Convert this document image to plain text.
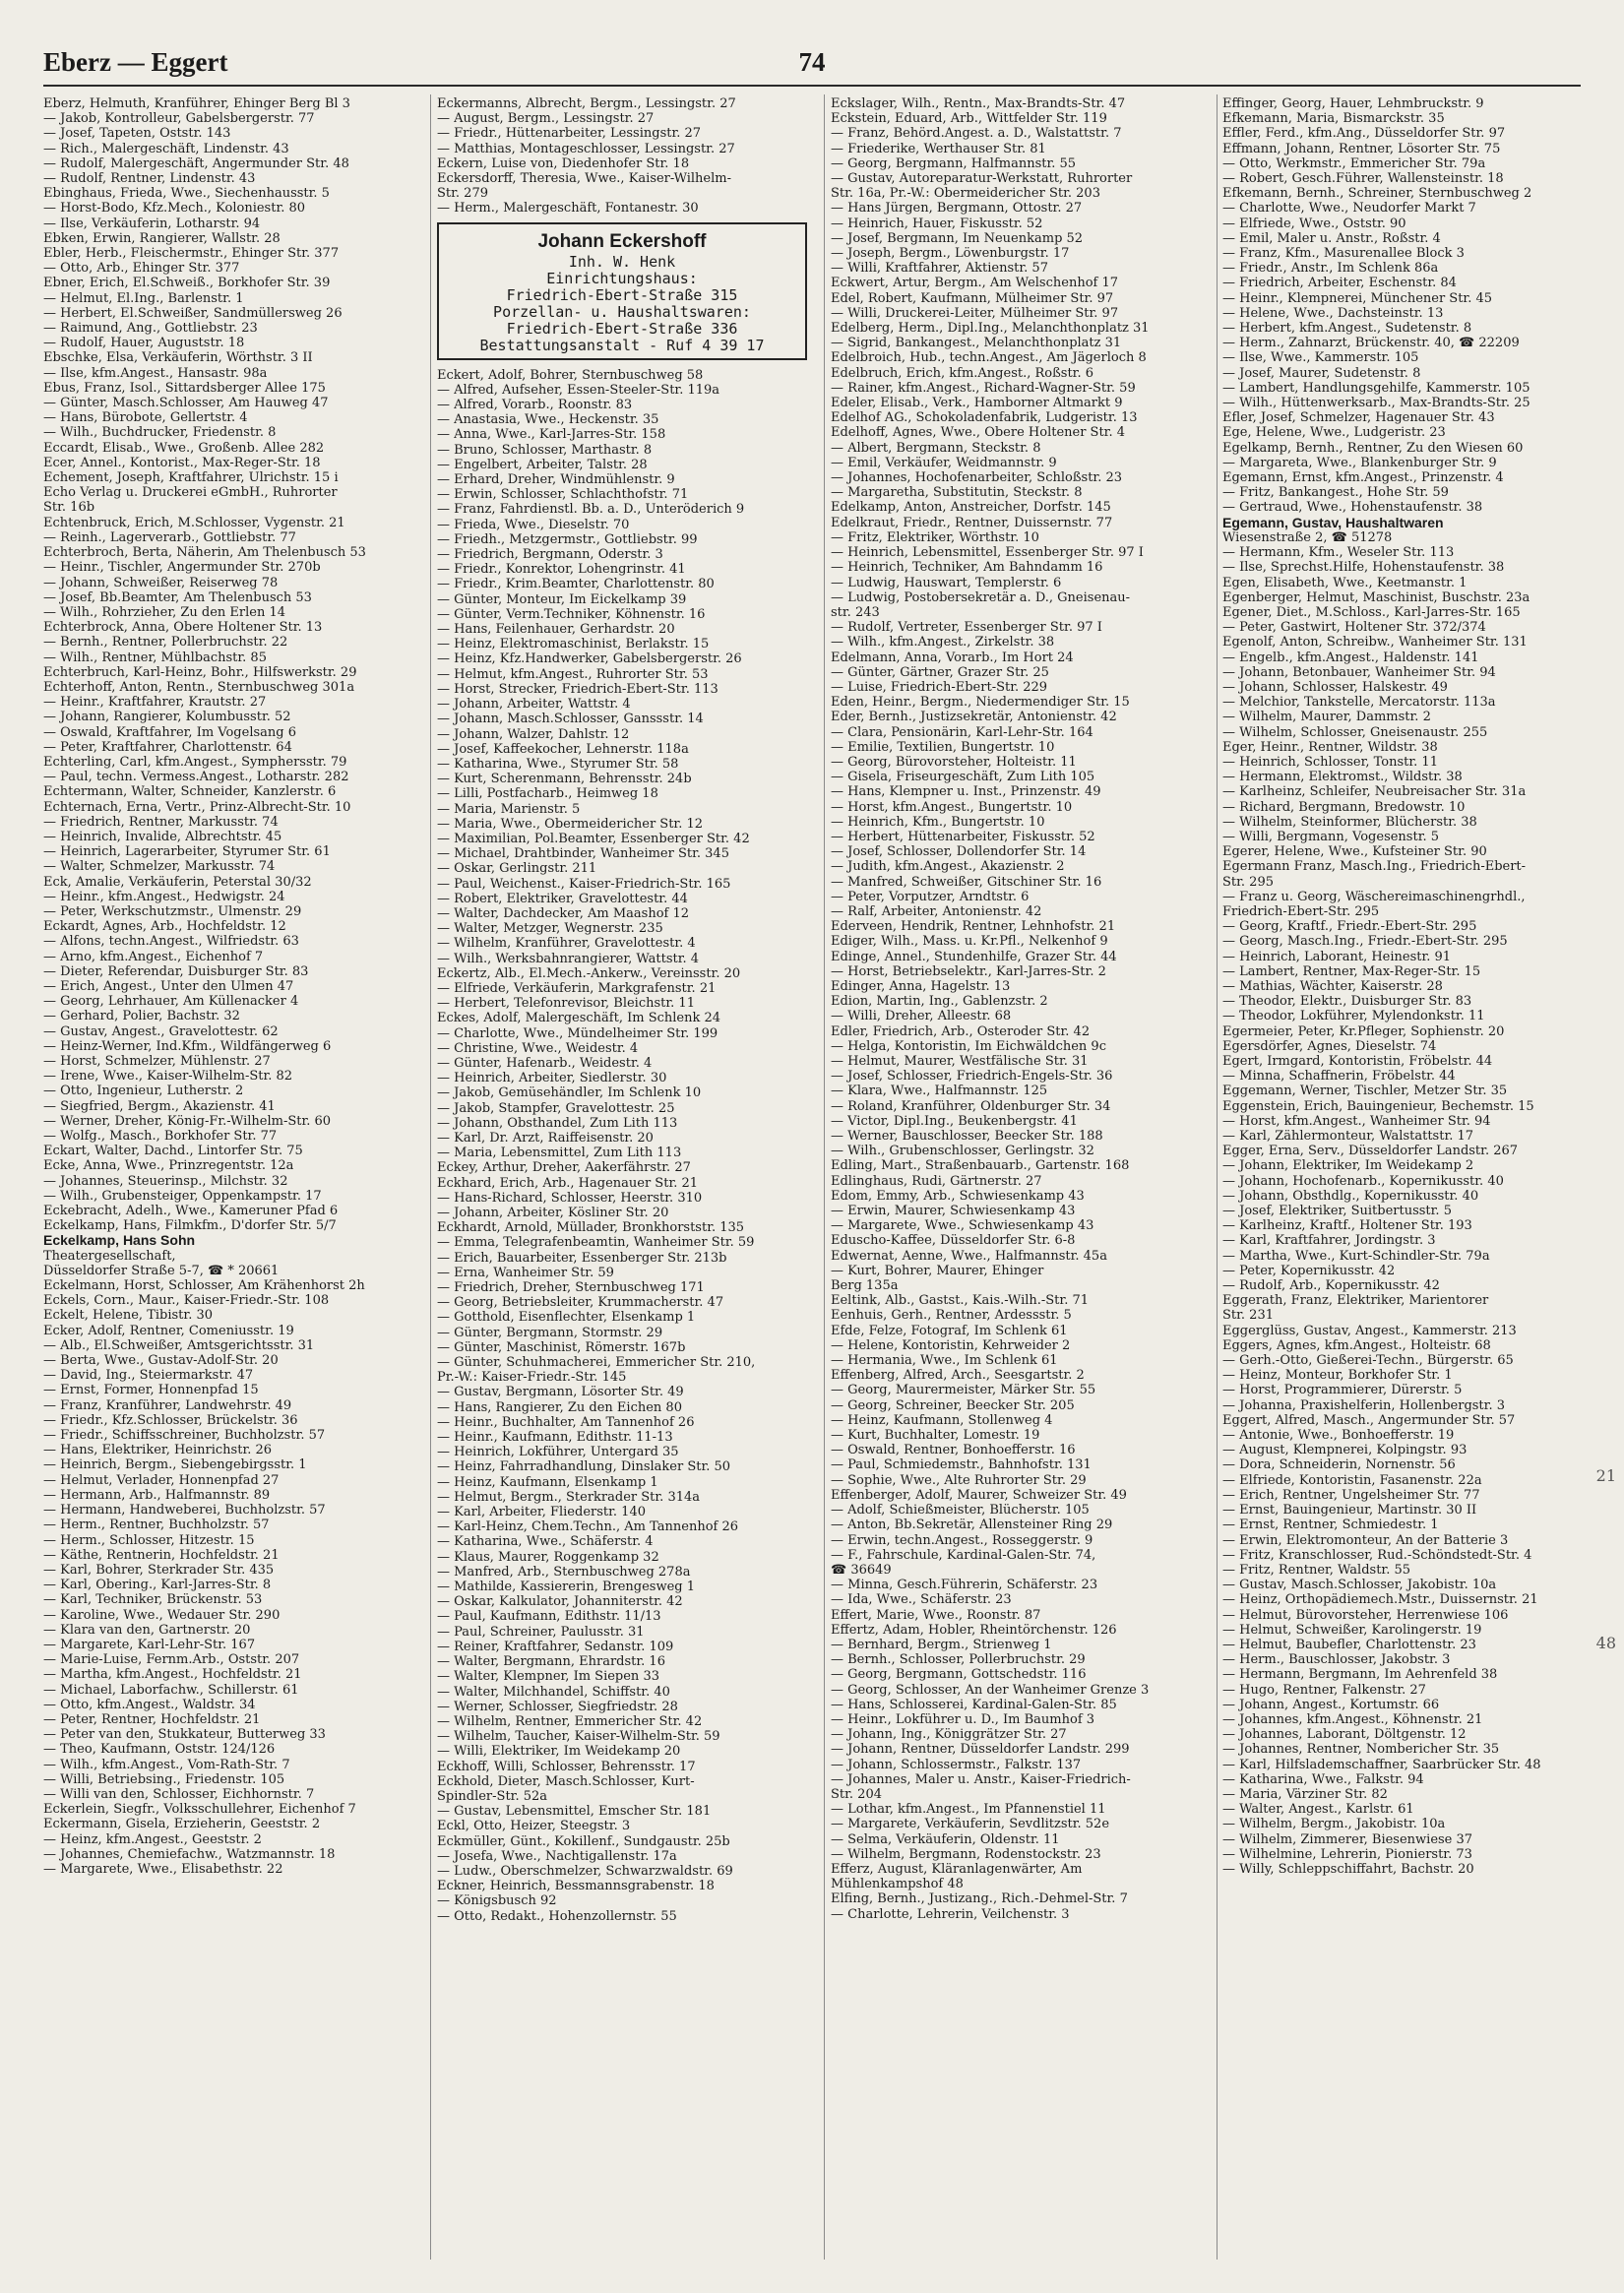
Eberz — Eggert	74
Eberz, Helmuth, Kranführer, Ehinger Berg Bl 3
— Jakob, Kontrolleur, Gabelsbergerstr. 77
— Josef, Tapeten, Oststr. 143
— Rich., Malergeschäft, Lindenstr. 43
— Rudolf, Malergeschäft, Angermunder Str. 48
— Rudolf, Rentner, Lindenstr. 43
Ebinghaus, Frieda, Wwe., Siechenhausstr. 5
— Horst-Bodo, Kfz.Mech., Koloniestr. 80
— Ilse, Verkäuferin, Lotharstr. 94
Ebken, Erwin, Rangierer, Wallstr. 28
Ebler, Herb., Fleischermstr., Ehinger Str. 377
— Otto, Arb., Ehinger Str. 377
Ebner, Erich, El.Schweiß., Borkhofer Str. 39
— Helmut, El.Ing., Barlenstr. 1
— Herbert, El.Schweißer, Sandmüllersweg 26
— Raimund, Ang., Gottliebstr. 23
— Rudolf, Hauer, Auguststr. 18
Ebschke, Elsa, Verkäuferin, Wörthstr. 3 II
— Ilse, kfm.Angest., Hansastr. 98a
Ebus, Franz, Isol., Sittardsberger Allee 175
— Günter, Masch.Schlosser, Am Hauweg 47
— Hans, Bürobote, Gellertstr. 4
— Wilh., Buchdrucker, Friedenstr. 8
Eccardt, Elisab., Wwe., Großenb. Allee 282
Ecer, Annel., Kontorist., Max-Reger-Str. 18
Echement, Joseph, Kraftfahrer, Ulrichstr. 15 i
Echo Verlag u. Druckerei eGmbH., Ruhrorter
Str. 16b
Echtenbruck, Erich, M.Schlosser, Vygenstr. 21
— Reinh., Lagerverarb., Gottliebstr. 77
Echterbroch, Berta, Näherin, Am Thelenbusch 53
— Heinr., Tischler, Angermunder Str. 270b
— Johann, Schweißer, Reiserweg 78
— Josef, Bb.Beamter, Am Thelenbusch 53
— Wilh., Rohrzieher, Zu den Erlen 14
Echterbrock, Anna, Obere Holtener Str. 13
— Bernh., Rentner, Pollerbruchstr. 22
— Wilh., Rentner, Mühlbachstr. 85
Echterbruch, Karl-Heinz, Bohr., Hilfswerkstr. 29
Echterhoff, Anton, Rentn., Sternbuschweg 301a
— Heinr., Kraftfahrer, Krautstr. 27
— Johann, Rangierer, Kolumbusstr. 52
— Oswald, Kraftfahrer, Im Vogelsang 6
— Peter, Kraftfahrer, Charlottenstr. 64
Echterling, Carl, kfm.Angest., Symphersstr. 79
— Paul, techn. Vermess.Angest., Lotharstr. 282
Echtermann, Walter, Schneider, Kanzlerstr. 6
Echternach, Erna, Vertr., Prinz-Albrecht-Str. 10
— Friedrich, Rentner, Markusstr. 74
— Heinrich, Invalide, Albrechtstr. 45
— Heinrich, Lagerarbeiter, Styrumer Str. 61
— Walter, Schmelzer, Markusstr. 74
Eck, Amalie, Verkäuferin, Peterstal 30/32
— Heinr., kfm.Angest., Hedwigstr. 24
— Peter, Werkschutzmstr., Ulmenstr. 29
Eckardt, Agnes, Arb., Hochfeldstr. 12
— Alfons, techn.Angest., Wilfriedstr. 63
— Arno, kfm.Angest., Eichenhof 7
— Dieter, Referendar, Duisburger Str. 83
— Erich, Angest., Unter den Ulmen 47
— Georg, Lehrhauer, Am Küllenacker 4
— Gerhard, Polier, Bachstr. 32
— Gustav, Angest., Gravelottestr. 62
— Heinz-Werner, Ind.Kfm., Wildfängerweg 6
— Horst, Schmelzer, Mühlenstr. 27
— Irene, Wwe., Kaiser-Wilhelm-Str. 82
— Otto, Ingenieur, Lutherstr. 2
— Siegfried, Bergm., Akazienstr. 41
— Werner, Dreher, König-Fr.-Wilhelm-Str. 60
— Wolfg., Masch., Borkhofer Str. 77
Eckart, Walter, Dachd., Lintorfer Str. 75
Ecke, Anna, Wwe., Prinzregentstr. 12a
— Johannes, Steuerinsp., Milchstr. 32
— Wilh., Grubensteiger, Oppenkampstr. 17
Eckebracht, Adelh., Wwe., Kameruner Pfad 6
Eckelkamp, Hans, Filmkfm., D'dorfer Str. 5/7
Eckelkamp, Hans Sohn
Theatergesellschaft,
Düsseldorfer Straße 5-7, ☎ * 20661
Eckelmann, Horst, Schlosser, Am Krähenhorst 2h
Eckels, Corn., Maur., Kaiser-Friedr.-Str. 108
Eckelt, Helene, Tibistr. 30
Ecker, Adolf, Rentner, Comeniusstr. 19
— Alb., El.Schweißer, Amtsgerichtsstr. 31
— Berta, Wwe., Gustav-Adolf-Str. 20
— David, Ing., Steiermarkstr. 47
— Ernst, Former, Honnenpfad 15
— Franz, Kranführer, Landwehrstr. 49
— Friedr., Kfz.Schlosser, Brückelstr. 36
— Friedr., Schiffsschreiner, Buchholzstr. 57
— Hans, Elektriker, Heinrichstr. 26
— Heinrich, Bergm., Siebengebirgsstr. 1
— Helmut, Verlader, Honnenpfad 27
— Hermann, Arb., Halfmannstr. 89
— Hermann, Handweberei, Buchholzstr. 57
— Herm., Rentner, Buchholzstr. 57
— Herm., Schlosser, Hitzestr. 15
— Käthe, Rentnerin, Hochfeldstr. 21
— Karl, Bohrer, Sterkrader Str. 435
— Karl, Obering., Karl-Jarres-Str. 8
— Karl, Techniker, Brückenstr. 53
— Karoline, Wwe., Wedauer Str. 290
— Klara van den, Gartnerstr. 20
— Margarete, Karl-Lehr-Str. 167
— Marie-Luise, Fernm.Arb., Oststr. 207
— Martha, kfm.Angest., Hochfeldstr. 21
— Michael, Laborfachw., Schillerstr. 61
— Otto, kfm.Angest., Waldstr. 34
— Peter, Rentner, Hochfeldstr. 21
— Peter van den, Stukkateur, Butterweg 33
— Theo, Kaufmann, Oststr. 124/126
— Wilh., kfm.Angest., Vom-Rath-Str. 7
— Willi, Betriebsing., Friedenstr. 105
— Willi van den, Schlosser, Eichhornstr. 7
Eckerlein, Siegfr., Volksschullehrer, Eichenhof 7
Eckermann, Gisela, Erzieherin, Geeststr. 2
— Heinz, kfm.Angest., Geeststr. 2
— Johannes, Chemiefachw., Watzmannstr. 18
— Margarete, Wwe., Elisabethstr. 22
Eckermanns, Albrecht, Bergm., Lessingstr. 27
— August, Bergm., Lessingstr. 27
— Friedr., Hüttenarbeiter, Lessingstr. 27
— Matthias, Montageschlosser, Lessingstr. 27
Eckern, Luise von, Diedenhofer Str. 18
Eckersdorff, Theresia, Wwe., Kaiser-Wilhelm-
Str. 279
— Herm., Malergeschäft, Fontanestr. 30
Johann Eckershoff
Inh. W. Henk
Einrichtungshaus:
Friedrich-Ebert-Straße 315
Porzellan- u. Haushaltswaren:
Friedrich-Ebert-Straße 336
Bestattungsanstalt - Ruf 4 39 17
Eckert, Adolf, Bohrer, Sternbuschweg 58
— Alfred, Aufseher, Essen-Steeler-Str. 119a
— Alfred, Vorarb., Roonstr. 83
— Anastasia, Wwe., Heckenstr. 35
— Anna, Wwe., Karl-Jarres-Str. 158
— Bruno, Schlosser, Marthastr. 8
— Engelbert, Arbeiter, Talstr. 28
— Erhard, Dreher, Windmühlenstr. 9
— Erwin, Schlosser, Schlachthofstr. 71
— Franz, Fahrdienstl. Bb. a. D., Unteröderich 9
— Frieda, Wwe., Dieselstr. 70
— Friedh., Metzgermstr., Gottliebstr. 99
— Friedrich, Bergmann, Oderstr. 3
— Friedr., Konrektor, Lohengrinstr. 41
— Friedr., Krim.Beamter, Charlottenstr. 80
— Günter, Monteur, Im Eickelkamp 39
— Günter, Verm.Techniker, Köhnenstr. 16
— Hans, Feilenhauer, Gerhardstr. 20
— Heinz, Elektromaschinist, Berlakstr. 15
— Heinz, Kfz.Handwerker, Gabelsbergerstr. 26
— Helmut, kfm.Angest., Ruhrorter Str. 53
— Horst, Strecker, Friedrich-Ebert-Str. 113
— Johann, Arbeiter, Wattstr. 4
— Johann, Masch.Schlosser, Ganssstr. 14
— Johann, Walzer, Dahlstr. 12
— Josef, Kaffeekocher, Lehnerstr. 118a
— Katharina, Wwe., Styrumer Str. 58
— Kurt, Scherenmann, Behrensstr. 24b
— Lilli, Postfacharb., Heimweg 18
— Maria, Marienstr. 5
— Maria, Wwe., Obermeidericher Str. 12
— Maximilian, Pol.Beamter, Essenberger Str. 42
— Michael, Drahtbinder, Wanheimer Str. 345
— Oskar, Gerlingstr. 211
— Paul, Weichenst., Kaiser-Friedrich-Str. 165
— Robert, Elektriker, Gravelottestr. 44
— Walter, Dachdecker, Am Maashof 12
— Walter, Metzger, Wegnerstr. 235
— Wilhelm, Kranführer, Gravelottestr. 4
— Wilh., Werksbahnrangierer, Wattstr. 4
Eckertz, Alb., El.Mech.-Ankerw., Vereinsstr. 20
— Elfriede, Verkäuferin, Markgrafenstr. 21
— Herbert, Telefonrevisor, Bleichstr. 11
Eckes, Adolf, Malergeschäft, Im Schlenk 24
— Charlotte, Wwe., Mündelheimer Str. 199
— Christine, Wwe., Weidestr. 4
— Günter, Hafenarb., Weidestr. 4
— Heinrich, Arbeiter, Siedlerstr. 30
— Jakob, Gemüsehändler, Im Schlenk 10
— Jakob, Stampfer, Gravelottestr. 25
— Johann, Obsthandel, Zum Lith 113
— Karl, Dr. Arzt, Raiffeisenstr. 20
— Maria, Lebensmittel, Zum Lith 113
Eckey, Arthur, Dreher, Aakerfährstr. 27
Eckhard, Erich, Arb., Hagenauer Str. 21
— Hans-Richard, Schlosser, Heerstr. 310
— Johann, Arbeiter, Kösliner Str. 20
Eckhardt, Arnold, Müllader, Bronkhorststr. 135
— Emma, Telegrafenbeamtin, Wanheimer Str. 59
— Erich, Bauarbeiter, Essenberger Str. 213b
— Erna, Wanheimer Str. 59
— Friedrich, Dreher, Sternbuschweg 171
— Georg, Betriebsleiter, Krummacherstr. 47
— Gotthold, Eisenflechter, Elsenkamp 1
— Günter, Bergmann, Stormstr. 29
— Günter, Maschinist, Römerstr. 167b
— Günter, Schuhmacherei, Emmericher Str. 210,
Pr.-W.: Kaiser-Friedr.-Str. 145
— Gustav, Bergmann, Lösorter Str. 49
— Hans, Rangierer, Zu den Eichen 80
— Heinr., Buchhalter, Am Tannenhof 26
— Heinr., Kaufmann, Edithstr. 11-13
— Heinrich, Lokführer, Untergard 35
— Heinz, Fahrradhandlung, Dinslaker Str. 50
— Heinz, Kaufmann, Elsenkamp 1
— Helmut, Bergm., Sterkrader Str. 314a
— Karl, Arbeiter, Fliederstr. 140
— Karl-Heinz, Chem.Techn., Am Tannenhof 26
— Katharina, Wwe., Schäferstr. 4
— Klaus, Maurer, Roggenkamp 32
— Manfred, Arb., Sternbuschweg 278a
— Mathilde, Kassiererin, Brengesweg 1
— Oskar, Kalkulator, Johanniterstr. 42
— Paul, Kaufmann, Edithstr. 11/13
— Paul, Schreiner, Paulusstr. 31
— Reiner, Kraftfahrer, Sedanstr. 109
— Walter, Bergmann, Ehrardstr. 16
— Walter, Klempner, Im Siepen 33
— Walter, Milchhandel, Schiffstr. 40
— Werner, Schlosser, Siegfriedstr. 28
— Wilhelm, Rentner, Emmericher Str. 42
— Wilhelm, Taucher, Kaiser-Wilhelm-Str. 59
— Willi, Elektriker, Im Weidekamp 20
Eckhoff, Willi, Schlosser, Behrensstr. 17
Eckhold, Dieter, Masch.Schlosser, Kurt-
Spindler-Str. 52a
— Gustav, Lebensmittel, Emscher Str. 181
Eckl, Otto, Heizer, Steegstr. 3
Eckmüller, Günt., Kokillenf., Sundgaustr. 25b
— Josefa, Wwe., Nachtigallenstr. 17a
— Ludw., Oberschmelzer, Schwarzwaldstr. 69
Eckner, Heinrich, Bessmannsgrabenstr. 18
— Königsbusch 92
— Otto, Redakt., Hohenzollernstr. 55
Eckslager, Wilh., Rentn., Max-Brandts-Str. 47
Eckstein, Eduard, Arb., Wittfelder Str. 119
— Franz, Behörd.Angest. a. D., Walstattstr. 7
— Friederike, Werthauser Str. 81
— Georg, Bergmann, Halfmannstr. 55
— Gustav, Autoreparatur-Werkstatt, Ruhrorter
Str. 16a, Pr.-W.: Obermeidericher Str. 203
— Hans Jürgen, Bergmann, Ottostr. 27
— Heinrich, Hauer, Fiskusstr. 52
— Josef, Bergmann, Im Neuenkamp 52
— Joseph, Bergm., Löwenburgstr. 17
— Willi, Kraftfahrer, Aktienstr. 57
Eckwert, Artur, Bergm., Am Welschenhof 17
Edel, Robert, Kaufmann, Mülheimer Str. 97
— Willi, Druckerei-Leiter, Mülheimer Str. 97
Edelberg, Herm., Dipl.Ing., Melanchthonplatz 31
— Sigrid, Bankangest., Melanchthonplatz 31
Edelbroich, Hub., techn.Angest., Am Jägerloch 8
Edelbruch, Erich, kfm.Angest., Roßstr. 6
— Rainer, kfm.Angest., Richard-Wagner-Str. 59
Edeler, Elisab., Verk., Hamborner Altmarkt 9
Edelhof AG., Schokoladenfabrik, Ludgeristr. 13
Edelhoff, Agnes, Wwe., Obere Holtener Str. 4
— Albert, Bergmann, Steckstr. 8
— Emil, Verkäufer, Weidmannstr. 9
— Johannes, Hochofenarbeiter, Schloßstr. 23
— Margaretha, Substitutin, Steckstr. 8
Edelkamp, Anton, Anstreicher, Dorfstr. 145
Edelkraut, Friedr., Rentner, Duissernstr. 77
— Fritz, Elektriker, Wörthstr. 10
— Heinrich, Lebensmittel, Essenberger Str. 97 I
— Heinrich, Techniker, Am Bahndamm 16
— Ludwig, Hauswart, Templerstr. 6
— Ludwig, Postobersekretär a. D., Gneisenau-
str. 243
— Rudolf, Vertreter, Essenberger Str. 97 I
— Wilh., kfm.Angest., Zirkelstr. 38
Edelmann, Anna, Vorarb., Im Hort 24
— Günter, Gärtner, Grazer Str. 25
— Luise, Friedrich-Ebert-Str. 229
Eden, Heinr., Bergm., Niedermendiger Str. 15
Eder, Bernh., Justizsekretär, Antonienstr. 42
— Clara, Pensionärin, Karl-Lehr-Str. 164
— Emilie, Textilien, Bungertstr. 10
— Georg, Bürovorsteher, Holteistr. 11
— Gisela, Friseurgeschäft, Zum Lith 105
— Hans, Klempner u. Inst., Prinzenstr. 49
— Horst, kfm.Angest., Bungertstr. 10
— Heinrich, Kfm., Bungertstr. 10
— Herbert, Hüttenarbeiter, Fiskusstr. 52
— Josef, Schlosser, Dollendorfer Str. 14
— Judith, kfm.Angest., Akazienstr. 2
— Manfred, Schweißer, Gitschiner Str. 16
— Peter, Vorputzer, Arndtstr. 6
— Ralf, Arbeiter, Antonienstr. 42
Ederveen, Hendrik, Rentner, Lehnhofstr. 21
Ediger, Wilh., Mass. u. Kr.Pfl., Nelkenhof 9
Edinge, Annel., Stundenhilfe, Grazer Str. 44
— Horst, Betriebselektr., Karl-Jarres-Str. 2
Edinger, Anna, Hagelstr. 13
Edion, Martin, Ing., Gablenzstr. 2
— Willi, Dreher, Alleestr. 68
Edler, Friedrich, Arb., Osteroder Str. 42
— Helga, Kontoristin, Im Eichwäldchen 9c
— Helmut, Maurer, Westfälische Str. 31
— Josef, Schlosser, Friedrich-Engels-Str. 36
— Klara, Wwe., Halfmannstr. 125
— Roland, Kranführer, Oldenburger Str. 34
— Victor, Dipl.Ing., Beukenbergstr. 41
— Werner, Bauschlosser, Beecker Str. 188
— Wilh., Grubenschlosser, Gerlingstr. 32
Edling, Mart., Straßenbauarb., Gartenstr. 168
Edlinghaus, Rudi, Gärtnerstr. 27
Edom, Emmy, Arb., Schwiesenkamp 43
— Erwin, Maurer, Schwiesenkamp 43
— Margarete, Wwe., Schwiesenkamp 43
Eduscho-Kaffee, Düsseldorfer Str. 6-8
Edwernat, Aenne, Wwe., Halfmannstr. 45a
— Kurt, Bohrer, Maurer, Ehinger
Berg 135a
Eeltink, Alb., Gastst., Kais.-Wilh.-Str. 71
Eenhuis, Gerh., Rentner, Ardessstr. 5
Efde, Felze, Fotograf, Im Schlenk 61
— Helene, Kontoristin, Kehrweider 2
— Hermania, Wwe., Im Schlenk 61
Effenberg, Alfred, Arch., Seesgartstr. 2
— Georg, Maurermeister, Märker Str. 55
— Georg, Schreiner, Beecker Str. 205
— Heinz, Kaufmann, Stollenweg 4
— Kurt, Buchhalter, Lomestr. 19
— Oswald, Rentner, Bonhoefferstr. 16
— Paul, Schmiedemstr., Bahnhofstr. 131
— Sophie, Wwe., Alte Ruhrorter Str. 29
Effenberger, Adolf, Maurer, Schweizer Str. 49
— Adolf, Schießmeister, Blücherstr. 105
— Anton, Bb.Sekretär, Allensteiner Ring 29
— Erwin, techn.Angest., Rosseggerstr. 9
— F., Fahrschule, Kardinal-Galen-Str. 74,
☎ 36649
— Minna, Gesch.Führerin, Schäferstr. 23
— Ida, Wwe., Schäferstr. 23
Effert, Marie, Wwe., Roonstr. 87
Effertz, Adam, Hobler, Rheintörchenstr. 126
— Bernhard, Bergm., Strienweg 1
— Bernh., Schlosser, Pollerbruchstr. 29
— Georg, Bergmann, Gottschedstr. 116
— Georg, Schlosser, An der Wanheimer Grenze 3
— Hans, Schlosserei, Kardinal-Galen-Str. 85
— Heinr., Lokführer u. D., Im Baumhof 3
— Johann, Ing., Königgrätzer Str. 27
— Johann, Rentner, Düsseldorfer Landstr. 299
— Johann, Schlossermstr., Falkstr. 137
— Johannes, Maler u. Anstr., Kaiser-Friedrich-
Str. 204
— Lothar, kfm.Angest., Im Pfannenstiel 11
— Margarete, Verkäuferin, Sevdlitzstr. 52e
— Selma, Verkäuferin, Oldenstr. 11
— Wilhelm, Bergmann, Rodenstockstr. 23
Efferz, August, Kläranlagenwärter, Am
Mühlenkampshof 48
Elfing, Bernh., Justizang., Rich.-Dehmel-Str. 7
— Charlotte, Lehrerin, Veilchenstr. 3
Effinger, Georg, Hauer, Lehmbruckstr. 9
Efkemann, Maria, Bismarckstr. 35
Effler, Ferd., kfm.Ang., Düsseldorfer Str. 97
Effmann, Johann, Rentner, Lösorter Str. 75
— Otto, Werkmstr., Emmericher Str. 79a
— Robert, Gesch.Führer, Wallensteinstr. 18
Efkemann, Bernh., Schreiner, Sternbuschweg 2
— Charlotte, Wwe., Neudorfer Markt 7
— Elfriede, Wwe., Oststr. 90
— Emil, Maler u. Anstr., Roßstr. 4
— Franz, Kfm., Masurenallee Block 3
— Friedr., Anstr., Im Schlenk 86a
— Friedrich, Arbeiter, Eschenstr. 84
— Heinr., Klempnerei, Münchener Str. 45
— Helene, Wwe., Dachsteinstr. 13
— Herbert, kfm.Angest., Sudetenstr. 8
— Herm., Zahnarzt, Brückenstr. 40, ☎ 22209
— Ilse, Wwe., Kammerstr. 105
— Josef, Maurer, Sudetenstr. 8
— Lambert, Handlungsgehilfe, Kammerstr. 105
— Wilh., Hüttenwerksarb., Max-Brandts-Str. 25
Efler, Josef, Schmelzer, Hagenauer Str. 43
Ege, Helene, Wwe., Ludgeristr. 23
Egelkamp, Bernh., Rentner, Zu den Wiesen 60
— Margareta, Wwe., Blankenburger Str. 9
Egemann, Ernst, kfm.Angest., Prinzenstr. 4
— Fritz, Bankangest., Hohe Str. 59
— Gertraud, Wwe., Hohenstaufenstr. 38
Egemann, Gustav, Haushaltwaren
Wiesenstraße 2, ☎ 51278
— Hermann, Kfm., Weseler Str. 113
— Ilse, Sprechst.Hilfe, Hohenstaufenstr. 38
Egen, Elisabeth, Wwe., Keetmanstr. 1
Egenberger, Helmut, Maschinist, Buschstr. 23a
Egener, Diet., M.Schloss., Karl-Jarres-Str. 165
— Peter, Gastwirt, Holtener Str. 372/374
Egenolf, Anton, Schreibw., Wanheimer Str. 131
— Engelb., kfm.Angest., Haldenstr. 141
— Johann, Betonbauer, Wanheimer Str. 94
— Johann, Schlosser, Halskestr. 49
— Melchior, Tankstelle, Mercatorstr. 113a
— Wilhelm, Maurer, Dammstr. 2
— Wilhelm, Schlosser, Gneisenaustr. 255
Eger, Heinr., Rentner, Wildstr. 38
— Heinrich, Schlosser, Tonstr. 11
— Hermann, Elektromst., Wildstr. 38
— Karlheinz, Schleifer, Neubreisacher Str. 31a
— Richard, Bergmann, Bredowstr. 10
— Wilhelm, Steinformer, Blücherstr. 38
— Willi, Bergmann, Vogesenstr. 5
Egerer, Helene, Wwe., Kufsteiner Str. 90
Egermann Franz, Masch.Ing., Friedrich-Ebert-
Str. 295
— Franz u. Georg, Wäschereimaschinengrhdl.,
Friedrich-Ebert-Str. 295
— Georg, Kraftf., Friedr.-Ebert-Str. 295
— Georg, Masch.Ing., Friedr.-Ebert-Str. 295
— Heinrich, Laborant, Heinestr. 91
— Lambert, Rentner, Max-Reger-Str. 15
— Mathias, Wächter, Kaiserstr. 28
— Theodor, Elektr., Duisburger Str. 83
— Theodor, Lokführer, Mylendonkstr. 11
Egermeier, Peter, Kr.Pfleger, Sophienstr. 20
Egersdörfer, Agnes, Dieselstr. 74
Egert, Irmgard, Kontoristin, Fröbelstr. 44
— Minna, Schaffnerin, Fröbelstr. 44
Eggemann, Werner, Tischler, Metzer Str. 35
Eggenstein, Erich, Bauingenieur, Bechemstr. 15
— Horst, kfm.Angest., Wanheimer Str. 94
— Karl, Zählermonteur, Walstattstr. 17
Egger, Erna, Serv., Düsseldorfer Landstr. 267
— Johann, Elektriker, Im Weidekamp 2
— Johann, Hochofenarb., Kopernikusstr. 40
— Johann, Obsthdlg., Kopernikusstr. 40
— Josef, Elektriker, Suitbertusstr. 5
— Karlheinz, Kraftf., Holtener Str. 193
— Karl, Kraftfahrer, Jordingstr. 3
— Martha, Wwe., Kurt-Schindler-Str. 79a
— Peter, Kopernikusstr. 42
— Rudolf, Arb., Kopernikusstr. 42
Eggerath, Franz, Elektriker, Marientorer
Str. 231
Eggerglüss, Gustav, Angest., Kammerstr. 213
Eggers, Agnes, kfm.Angest., Holteistr. 68
— Gerh.-Otto, Gießerei-Techn., Bürgerstr. 65
— Heinz, Monteur, Borkhofer Str. 1
— Horst, Programmierer, Dürerstr. 5
— Johanna, Praxishelferin, Hollenbergstr. 3
Eggert, Alfred, Masch., Angermunder Str. 57
— Antonie, Wwe., Bonhoefferstr. 19
— August, Klempnerei, Kolpingstr. 93
— Dora, Schneiderin, Nornenstr. 56
— Elfriede, Kontoristin, Fasanenstr. 22a
— Erich, Rentner, Ungelsheimer Str. 77
— Ernst, Bauingenieur, Martinstr. 30 II
— Ernst, Rentner, Schmiedestr. 1
— Erwin, Elektromonteur, An der Batterie 3
— Fritz, Kranschlosser, Rud.-Schöndstedt-Str. 4
— Fritz, Rentner, Waldstr. 55
— Gustav, Masch.Schlosser, Jakobistr. 10a
— Heinz, Orthopädiemech.Mstr., Duissernstr. 21
— Helmut, Bürovorsteher, Herrenwiese 106
— Helmut, Schweißer, Karolingerstr. 19
— Helmut, Baubefler, Charlottenstr. 23
— Herm., Bauschlosser, Jakobstr. 3
— Hermann, Bergmann, Im Aehrenfeld 38
— Hugo, Rentner, Falkenstr. 27
— Johann, Angest., Kortumstr. 66
— Johannes, kfm.Angest., Köhnenstr. 21
— Johannes, Laborant, Döltgenstr. 12
— Johannes, Rentner, Nombericher Str. 35
— Karl, Hilfslademschaffner, Saarbrücker Str. 48
— Katharina, Wwe., Falkstr. 94
— Maria, Värziner Str. 82
— Walter, Angest., Karlstr. 61
— Wilhelm, Bergm., Jakobistr. 10a
— Wilhelm, Zimmerer, Biesenwiese 37
— Wilhelmine, Lehrerin, Pionierstr. 73
— Willy, Schleppschiffahrt, Bachstr. 20
21
48
